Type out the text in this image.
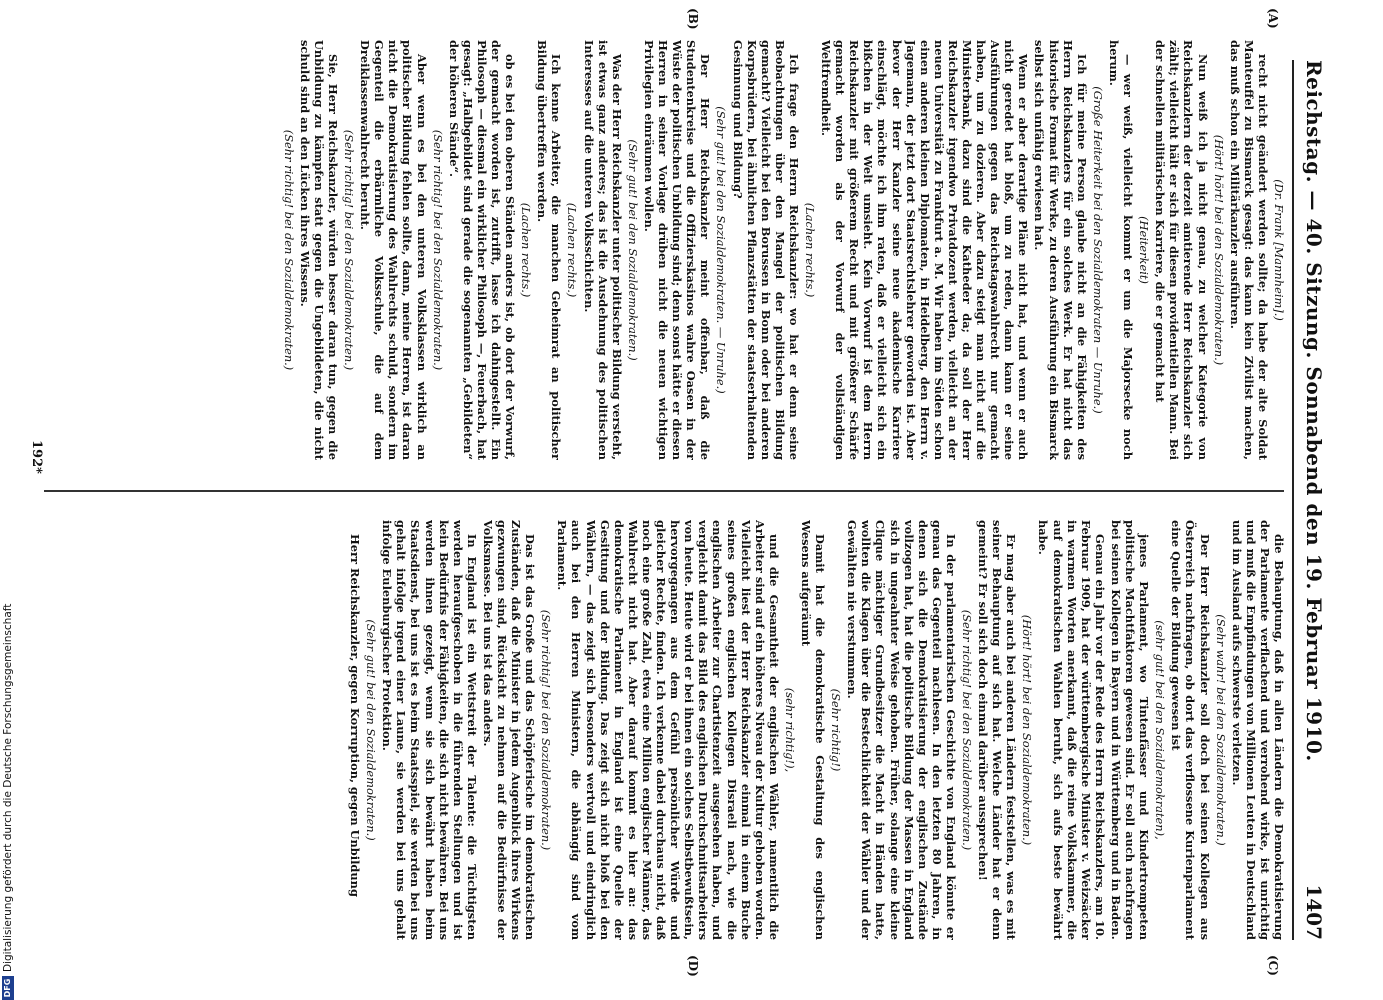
Reichstag. — 40. Sitzung. Sonnabend den 19. Februar 1910.
1407
(A)
(B)
(C)
(D)

(Dr. Frank [Mannheim].)

recht nicht geändert werden sollte; da habe der alte Soldat Manteuffel zu Bismarck gesagt: das kann kein Zivilist machen, das muß schon ein Militärkanzler ausführen.

(Hört! hört! bei den Sozialdemokraten.)

Nun weiß ich ja nicht genau, zu welcher Kategorie von Reichskanzlern der derzeit amtierende Herr Reichskanzler sich zählt; vielleicht hält er sich für diesen providentiellen Mann. Bei der schnellen militärischen Karriere, die er gemacht hat

(Heiterkeit)

— wer weiß, vielleicht kommt er um die Majorsecke noch herum.

(Große Heiterkeit bei den Sozialdemokraten — Unruhe.)

Ich für meine Person glaube nicht an die Fähigkeiten des Herrn Reichskanzlers für ein solches Werk. Er hat nicht das historische Format für Werke, zu deren Ausführung ein Bismarck selbst sich unfähig erwiesen hat.

Wenn er aber derartige Pläne nicht hat, und wenn er auch nicht geredet hat bloß, um zu reden, dann kann er seine Ausführungen gegen das Reichstagswahlrecht nur gemacht haben, um zu dozieren. Aber dazu steigt man nicht auf die Ministerbank, dazu sind die Katheder da; da soll der Herr Reichskanzler irgendwo Privatdozent werden, vielleicht an der neuen Universität zu Frankfurt a. M. Wir haben im Süden schon einen anderen kleinen Diplomaten, in Heidelberg, den Herrn v. Jagemann, der jetzt dort Staatsrechtslehrer geworden ist. Aber bevor der Herr Kanzler seine neue akademische Karriere einschlägt, möchte ich ihm raten, daß er vielleicht sich ein bißchen in der Welt umsieht. Kein Vorwurf ist dem Herrn Reichskanzler mit größerem Recht und mit größerer Schärfe gemacht worden als der Vorwurf der vollständigen Weltfremdheit.

(Lachen rechts.)

Ich frage den Herrn Reichskanzler: wo hat er denn seine Beobachtungen über den Mangel der politischen Bildung gemacht? Vielleicht bei den Borussen in Bonn oder bei anderen Korpsbrüdern, bei ähnlichen Pflanzstätten der staatserhaltenden Gesinnung und Bildung?

(Sehr gut! bei den Sozialdemokraten. — Unruhe.)

Der Herr Reichskanzler meint offenbar, daß die Studentenkreise und die Offizierskasinos wahre Oasen in der Wüste der politischen Unbildung sind; denn sonst hätte er diesen Herren in seiner Vorlage drüben nicht die neuen wichtigen Privilegien einräumen wollen.

(Sehr gut! bei den Sozialdemokraten.)

Was der Herr Reichskanzler unter politischer Bildung versteht, ist etwas ganz anderes; das ist die Ausdehnung des politischen Interesses auf die unteren Volksschichten.

(Lachen rechts.)

Ich kenne Arbeiter, die manchen Geheimrat an politischer Bildung übertreffen werden.

(Lachen rechts.)

ob es bei den oberen Ständen anders ist, ob dort der Vorwurf, der gemacht worden ist, zutrifft, lasse ich dahingestellt. Ein Philosoph — diesmal ein wirklicher Philosoph —, Feuerbach, hat gesagt: „Halbgebildet sind gerade die sogenannten „Gebildeten“ der höheren Stände“.

(Sehr richtig! bei den Sozialdemokraten.)

Aber wenn es bei den unteren Volksklassen wirklich an politischer Bildung fehlen sollte, dann, meine Herren, ist daran nicht die Demokratisierung des Wahlrechts schuld, sondern im Gegenteil die erbärmliche Volksschule, die auf dem Dreiklassenwahlrecht beruht.

(Sehr richtig! bei den Sozialdemokraten.)

Sie, Herr Reichskanzler, würden besser daran tun, gegen die Unbildung zu kämpfen statt gegen die Ungebildeten, die nicht schuld sind an den Lücken ihres Wissens.

(Sehr richtig! bei den Sozialdemokraten.)

die Behauptung, daß in allen Ländern die Demokratisierung der Parlamente verflachend und verrohend wirke, ist unrichtig und muß die Empfindungen von Millionen Leuten in Deutschland und im Ausland aufs schwerste verletzen.

(Sehr wahr! bei den Sozialdemokraten.)

Der Herr Reichskanzler soll doch bei seinen Kollegen aus Österreich nachfragen, ob dort das verflossene Kurienparlament eine Quelle der Bildung gewesen ist

(sehr gut! bei den Sozialdemokraten),

jenes Parlament, wo Tintenfässer und Kindertrompeten politische Machtfaktoren gewesen sind. Er soll auch nachfragen bei seinen Kollegen in Bayern und in Württemberg und in Baden.

Genau ein Jahr vor der Rede des Herrn Reichskanzlers, am 10. Februar 1909, hat der württembergische Minister v. Weizsäcker in warmen Worten anerkannt, daß die reine Volkskammer, die auf demokratischen Wahlen beruht, sich aufs beste bewährt habe.

(Hört! hört! bei den Sozialdemokraten.)

Er mag aber auch bei anderen Ländern feststellen, was es mit seiner Behauptung auf sich hat. Welche Länder hat er denn gemeint? Er soll sich doch einmal darüber aussprechen!

(Sehr richtig! bei den Sozialdemokraten.)

In der parlamentarischen Geschichte von England könnte er genau das Gegenteil nachlesen. In den letzten 80 Jahren, in denen sich die Demokratisierung der englischen Zustände vollzogen hat, hat die politische Bildung der Massen in England sich in ungeahnter Weise gehoben. Früher, solange eine kleine Clique mächtiger Grundbesitzer die Macht in Händen hatte, wollten die Klagen über die Bestechlichkeit der Wähler und der Gewählten nie verstummen.

(Sehr richtig!)

Damit hat die demokratische Gestaltung des englischen Wesens aufgeräumt

(sehr richtig!),

und die Gesamtheit der englischen Wähler, namentlich die Arbeiter sind auf ein höheres Niveau der Kultur gehoben worden. Vielleicht liest der Herr Reichskanzler einmal in einem Buche seines großen englischen Kollegen Disraeli nach, wie die englischen Arbeiter zur Chartistenzeit ausgesehen haben, und vergleicht damit das Bild des englischen Durchschnittsarbeiters von heute. Heute wird er bei ihnen ein solches Selbstbewußtsein, hervorgegangen aus dem Gefühl persönlicher Würde und gleicher Rechte, finden. Ich verkenne dabei durchaus nicht, daß noch eine große Zahl, etwa eine Million englischer Männer, das Wahlrecht nicht hat. Aber darauf kommt es hier an: das demokratische Parlament in England ist eine Quelle der Gesittung und der Bildung. Das zeigt sich nicht bloß bei den Wählern, — das zeigt sich besonders wertvoll und eindringlich auch bei den Herren Ministern, die abhängig sind vom Parlament.

(Sehr richtig! bei den Sozialdemokraten.)

Das ist das Große und das Schöpferische im demokratischen Zuständen, daß die Minister in jedem Augenblick ihres Wirkens gezwungen sind, Rücksicht zu nehmen auf die Bedürfnisse der Volksmasse. Bei uns ist das anders.

In England ist ein Wettstreit der Talente: die Tüchtigsten werden heraufgeschoben in die führenden Stellungen und ist kein Bedürfnis der Fähigkeiten, die sich nicht bewähren. Bei uns werden ihnen gezeigt, wenn sie sich bewährt haben beim Staatsdienst, bei uns ist es beim Staatsspiel, sie werden bei uns gehalt infolge irgend einer Laune, sie werden bei uns gehalt infolge Eulenburgischer Protektion.

(Sehr gut! bei den Sozialdemokraten.)

Herr Reichskanzler, gegen Korruption, gegen Unbildung

192*
DFG
Digitalisierung gefördert durch die Deutsche Forschungsgemeinschaft
